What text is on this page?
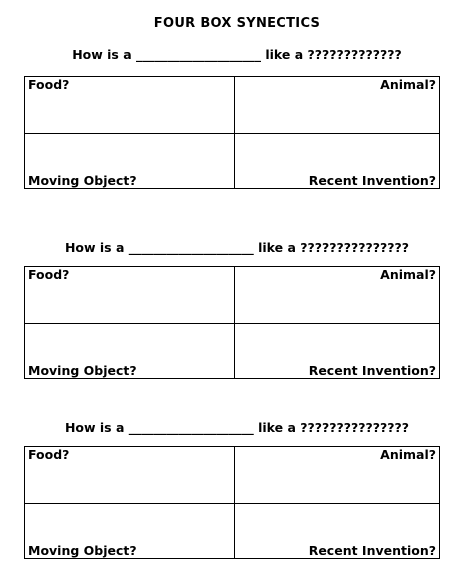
FOUR BOX SYNECTICS
How is a ____________________ like a ?????????????
Food?	Animal?
Moving Object?	Recent Invention?
How is a ____________________ like a ???????????????
Food?	Animal?
Moving Object?	Recent Invention?
How is a ____________________ like a ???????????????
Food?	Animal?
Moving Object?	Recent Invention?
